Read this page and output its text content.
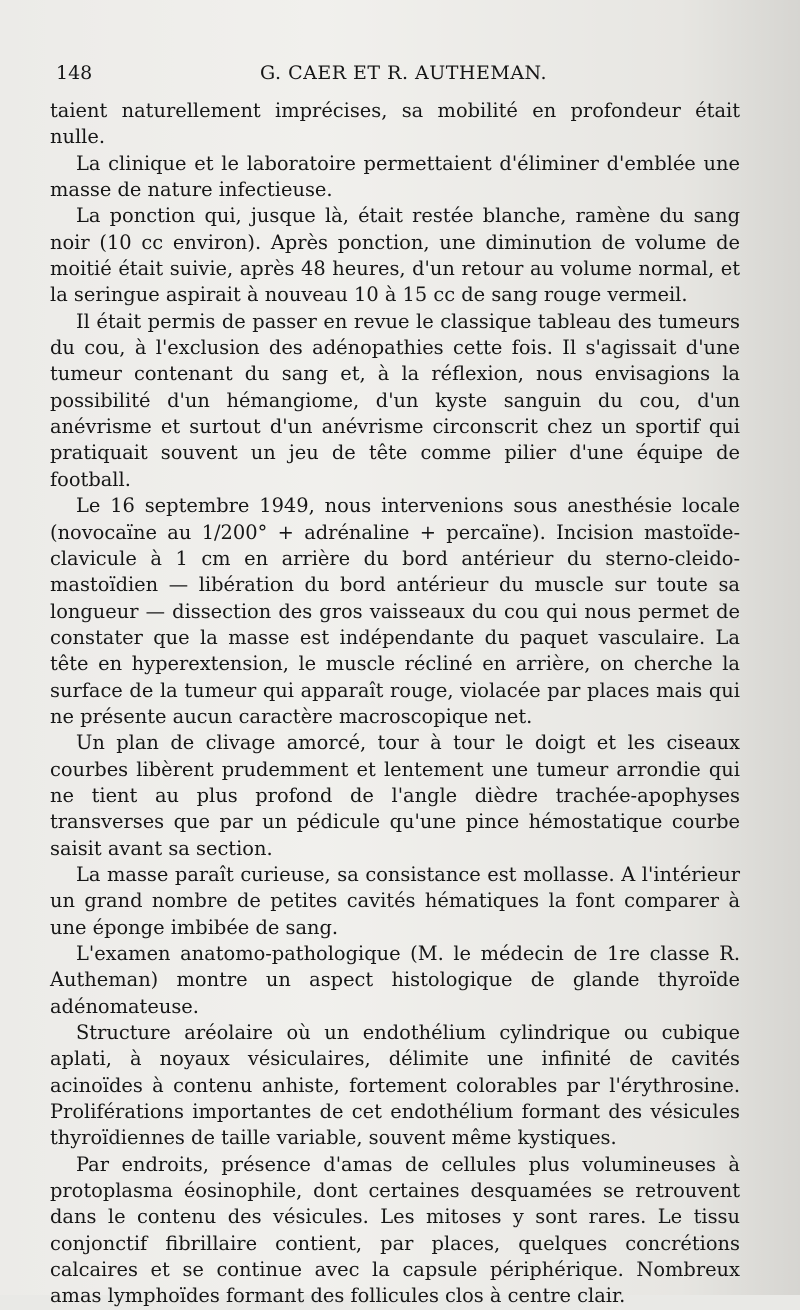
148	G. CAER ET R. AUTHEMAN.

taient naturellement imprécises, sa mobilité en profondeur était nulle.

La clinique et le laboratoire permettaient d'éliminer d'emblée une masse de nature infectieuse.

La ponction qui, jusque là, était restée blanche, ramène du sang noir (10 cc environ). Après ponction, une diminution de volume de moitié était suivie, après 48 heures, d'un retour au volume normal, et la seringue aspirait à nouveau 10 à 15 cc de sang rouge vermeil.

Il était permis de passer en revue le classique tableau des tumeurs du cou, à l'exclusion des adénopathies cette fois. Il s'agissait d'une tumeur contenant du sang et, à la réflexion, nous envisagions la possibilité d'un hémangiome, d'un kyste sanguin du cou, d'un anévrisme et surtout d'un anévrisme circonscrit chez un sportif qui pratiquait souvent un jeu de tête comme pilier d'une équipe de football.

Le 16 septembre 1949, nous intervenions sous anesthésie locale (novocaïne au 1/200° + adrénaline + percaïne). Incision mastoïde-clavicule à 1 cm en arrière du bord antérieur du sterno-cleido-mastoïdien — libération du bord antérieur du muscle sur toute sa longueur — dissection des gros vaisseaux du cou qui nous permet de constater que la masse est indépendante du paquet vasculaire. La tête en hyperextension, le muscle récliné en arrière, on cherche la surface de la tumeur qui apparaît rouge, violacée par places mais qui ne présente aucun caractère macroscopique net.

Un plan de clivage amorcé, tour à tour le doigt et les ciseaux courbes libèrent prudemment et lentement une tumeur arrondie qui ne tient au plus profond de l'angle dièdre trachée-apophyses transverses que par un pédicule qu'une pince hémostatique courbe saisit avant sa section.

La masse paraît curieuse, sa consistance est mollasse. A l'intérieur un grand nombre de petites cavités hématiques la font comparer à une éponge imbibée de sang.

L'examen anatomo-pathologique (M. le médecin de 1re classe R. Autheman) montre un aspect histologique de glande thyroïde adénomateuse.

Structure aréolaire où un endothélium cylindrique ou cubique aplati, à noyaux vésiculaires, délimite une infinité de cavités acinoïdes à contenu anhiste, fortement colorables par l'érythrosine. Proliférations importantes de cet endothélium formant des vésicules thyroïdiennes de taille variable, souvent même kystiques.

Par endroits, présence d'amas de cellules plus volumineuses à protoplasma éosinophile, dont certaines desquamées se retrouvent dans le contenu des vésicules. Les mitoses y sont rares. Le tissu conjonctif fibrillaire contient, par places, quelques concrétions calcaires et se continue avec la capsule périphérique. Nombreux amas lymphoïdes formant des follicules clos à centre clair.
